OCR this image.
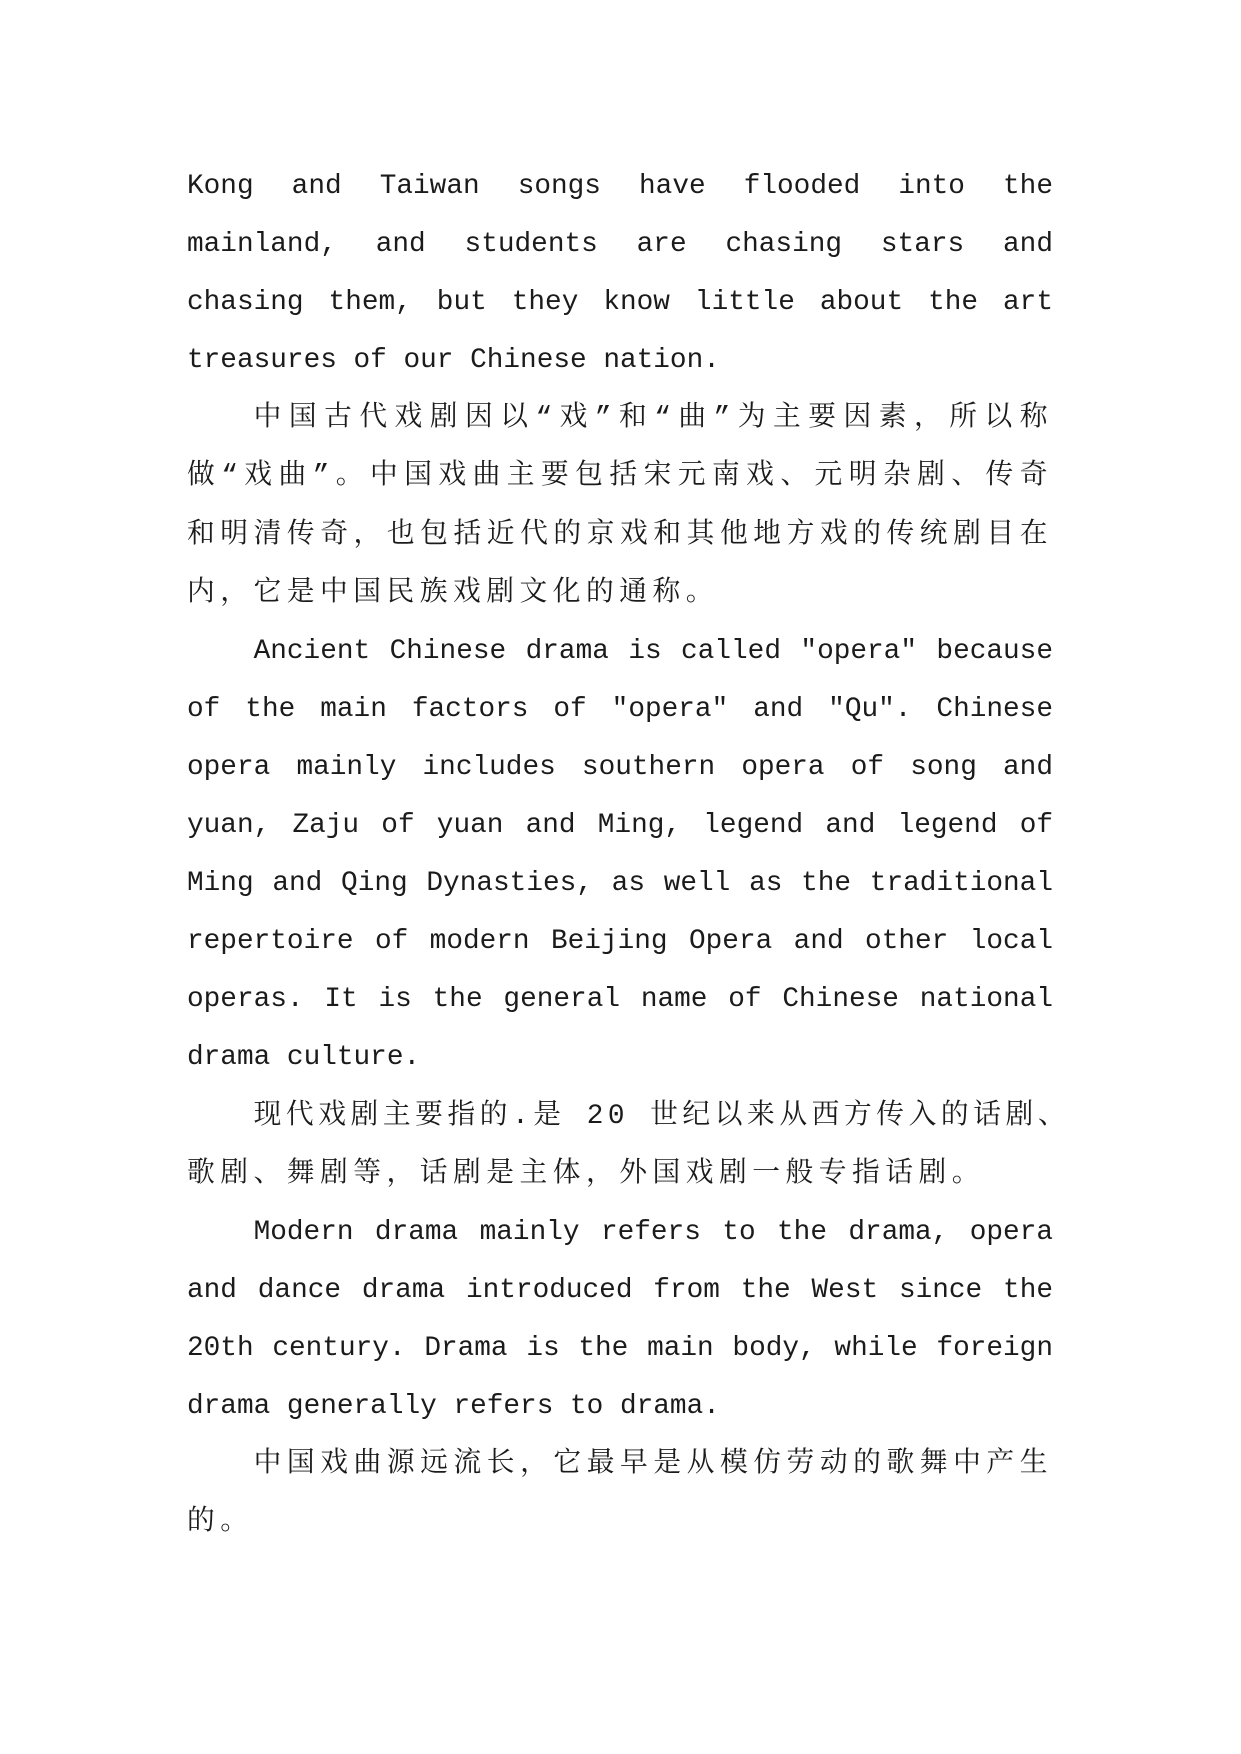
Kong and Taiwan songs have flooded into the
mainland, and students are chasing stars and
chasing them, but they know little about the art
treasures of our Chinese nation.
中国古代戏剧因以“戏”和“曲”为主要因素，所以称
做“戏曲”。中国戏曲主要包括宋元南戏、元明杂剧、传奇
和明清传奇，也包括近代的京戏和其他地方戏的传统剧目在
内，它是中国民族戏剧文化的通称。
Ancient Chinese drama is called "opera" because
of the main factors of "opera" and "Qu". Chinese
opera mainly includes southern opera of song and
yuan, Zaju of yuan and Ming, legend and legend of
Ming and Qing Dynasties, as well as the traditional
repertoire of modern Beijing Opera and other local
operas. It is the general name of Chinese national
drama culture.
现代戏剧主要指的.是 20 世纪以来从西方传入的话剧、
歌剧、舞剧等，话剧是主体，外国戏剧一般专指话剧。
Modern drama mainly refers to the drama, opera
and dance drama introduced from the West since the
20th century. Drama is the main body, while foreign
drama generally refers to drama.
中国戏曲源远流长，它最早是从模仿劳动的歌舞中产生
的。
